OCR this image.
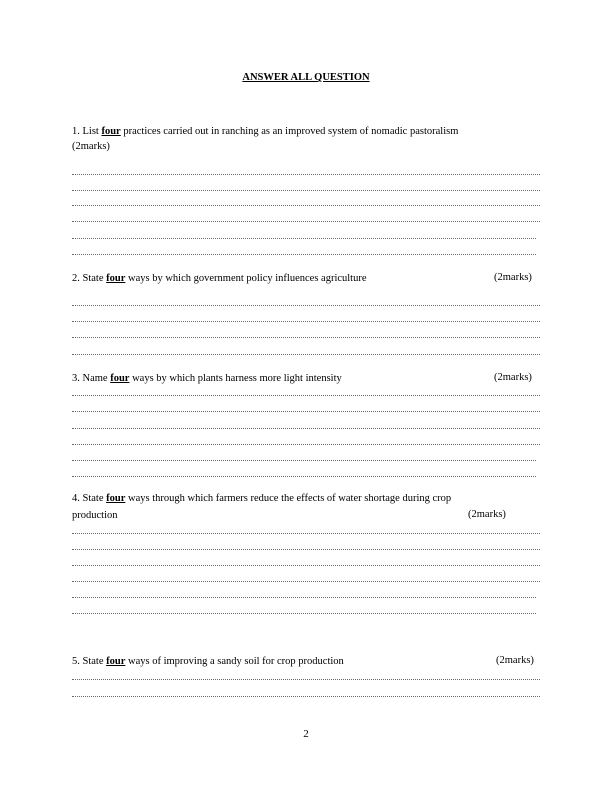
ANSWER ALL QUESTION
1. List four practices carried out in ranching as an improved system of nomadic pastoralism
(2marks)
2. State four ways by which government policy influences agriculture	(2marks)
3. Name four ways by which plants harness more light intensity	(2marks)
4. State four ways through which farmers reduce the effects of water shortage during crop
production	(2marks)
5. State four ways of improving a sandy soil for crop production	(2marks)
2
